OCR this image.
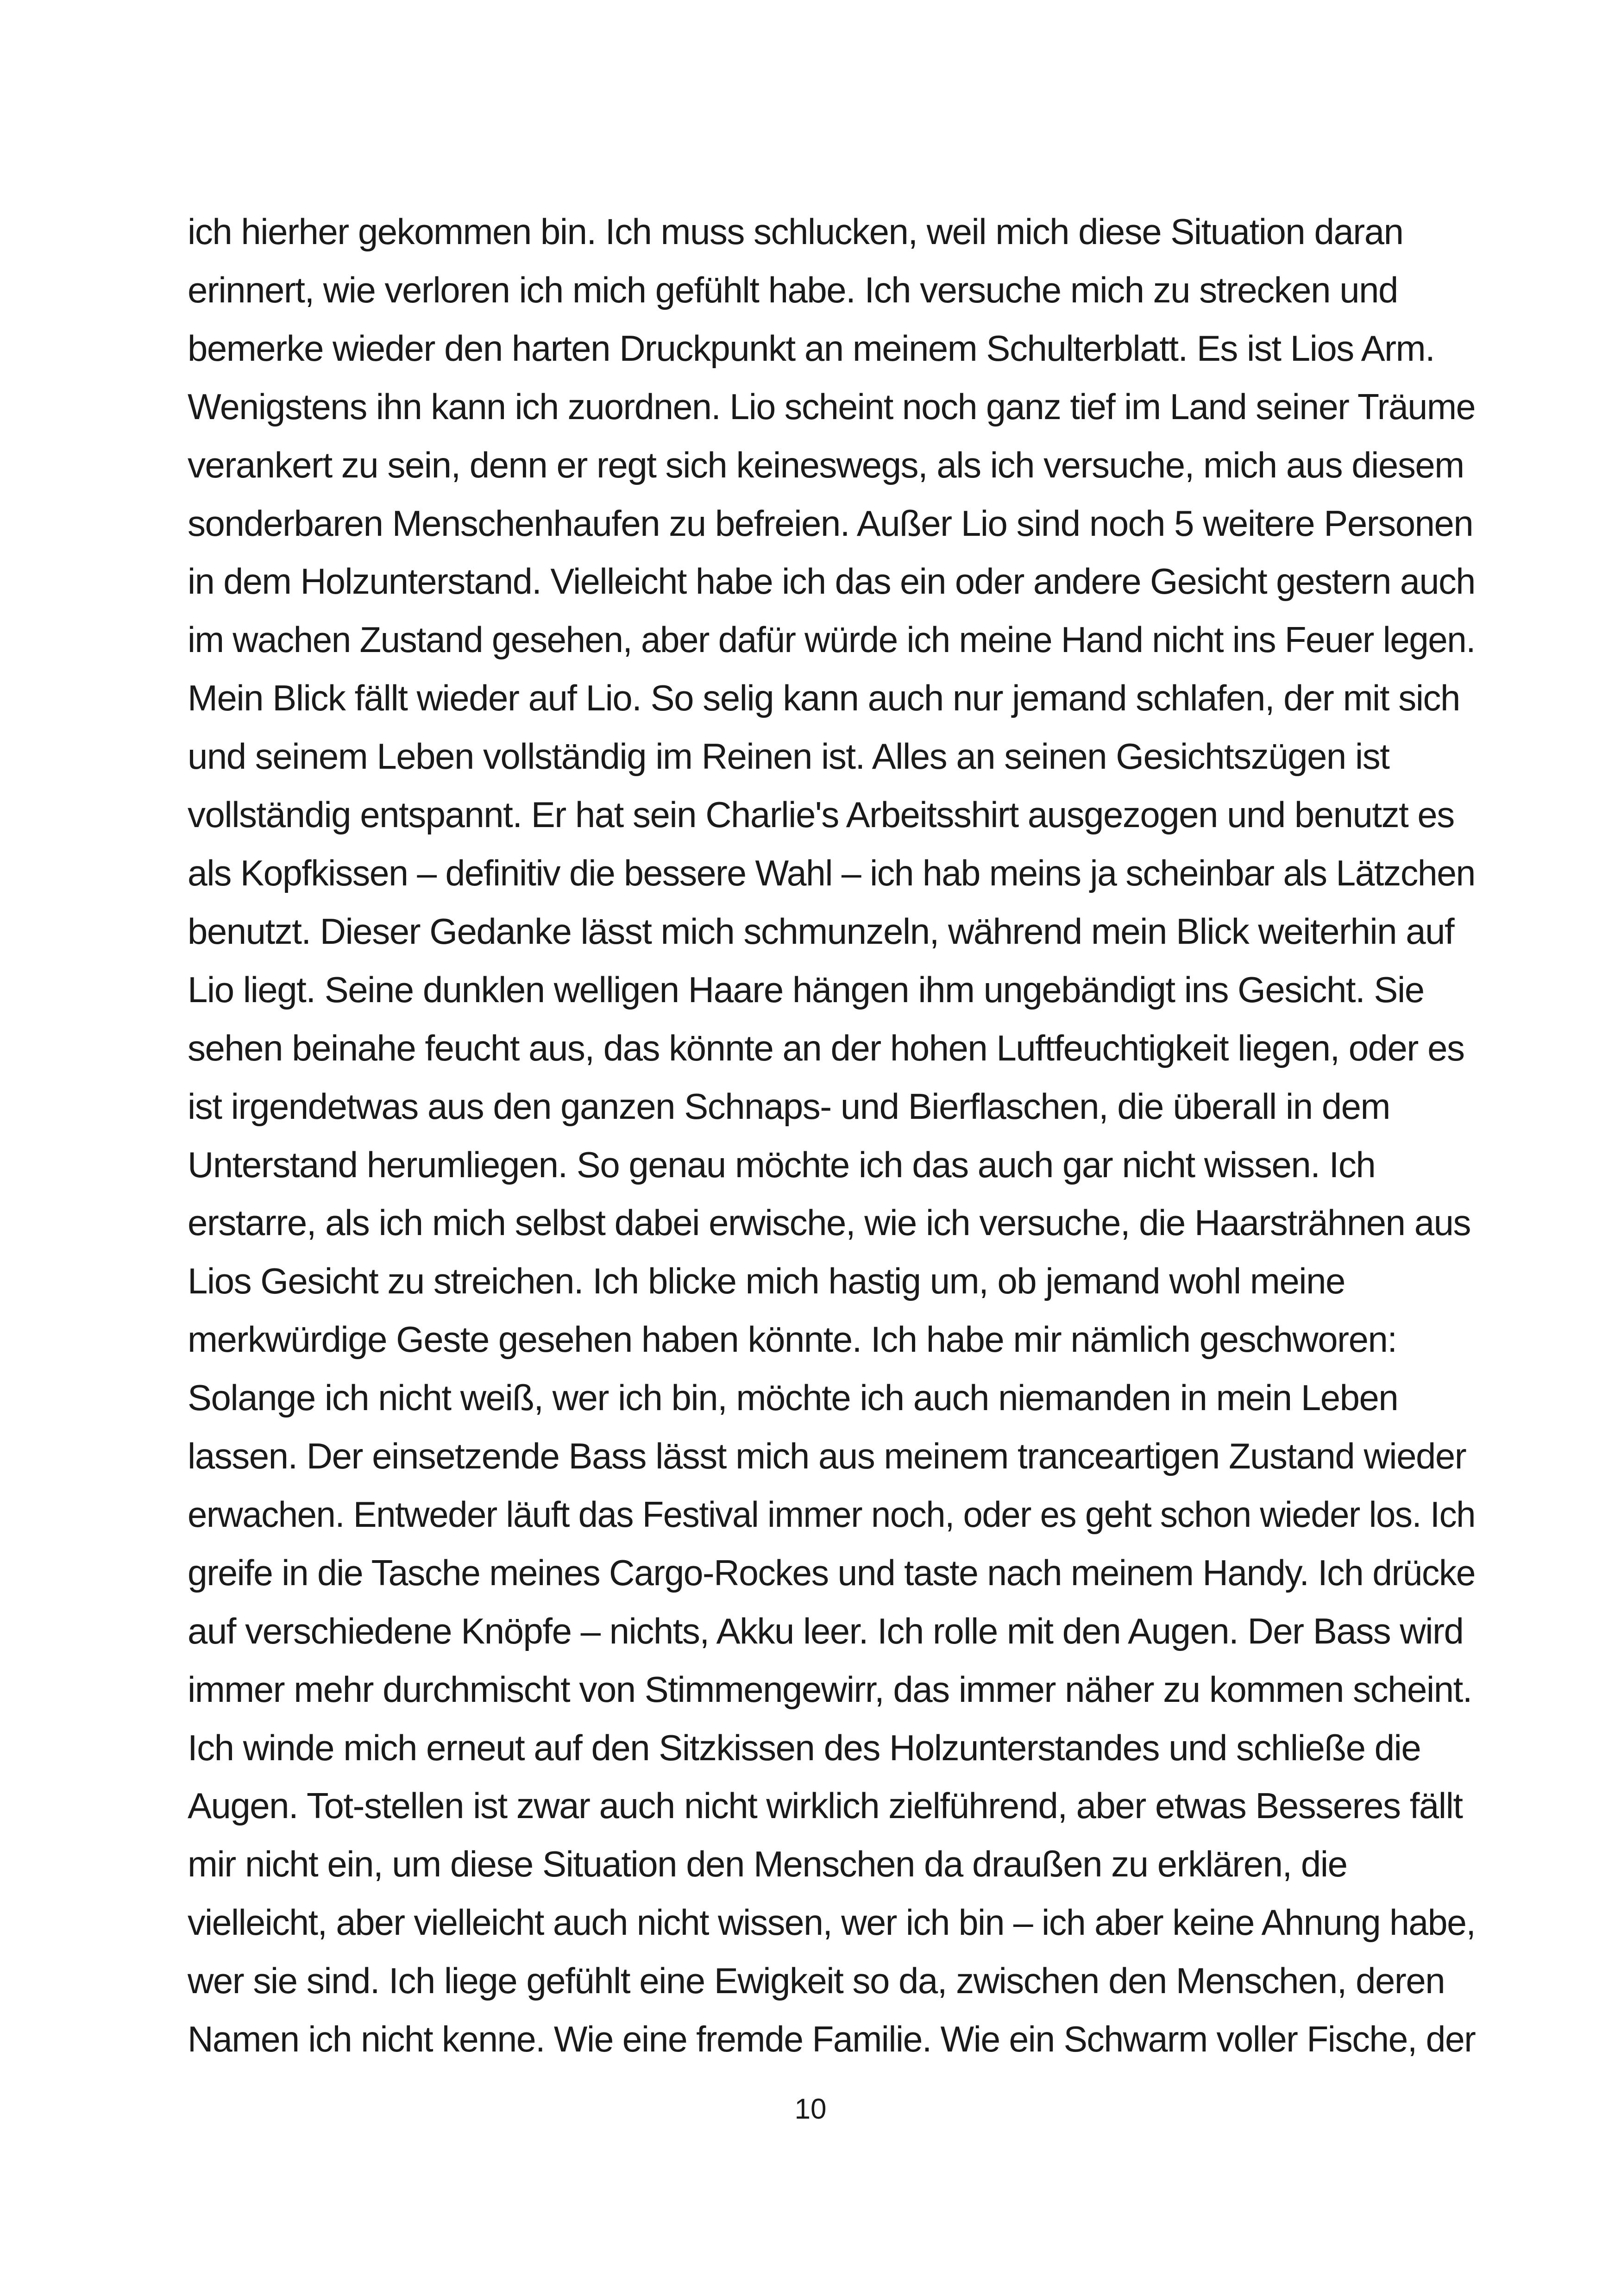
ich hierher gekommen bin. Ich muss schlucken, weil mich diese Situation daran
erinnert, wie verloren ich mich gefühlt habe. Ich versuche mich zu strecken und
bemerke wieder den harten Druckpunkt an meinem Schulterblatt. Es ist Lios Arm.
Wenigstens ihn kann ich zuordnen. Lio scheint noch ganz tief im Land seiner Träume
verankert zu sein, denn er regt sich keineswegs, als ich versuche, mich aus diesem
sonderbaren Menschenhaufen zu befreien. Außer Lio sind noch 5 weitere Personen
in dem Holzunterstand. Vielleicht habe ich das ein oder andere Gesicht gestern auch
im wachen Zustand gesehen, aber dafür würde ich meine Hand nicht ins Feuer legen.
Mein Blick fällt wieder auf Lio. So selig kann auch nur jemand schlafen, der mit sich
und seinem Leben vollständig im Reinen ist. Alles an seinen Gesichtszügen ist
vollständig entspannt. Er hat sein Charlie's Arbeitsshirt ausgezogen und benutzt es
als Kopfkissen – definitiv die bessere Wahl – ich hab meins ja scheinbar als Lätzchen
benutzt. Dieser Gedanke lässt mich schmunzeln, während mein Blick weiterhin auf
Lio liegt. Seine dunklen welligen Haare hängen ihm ungebändigt ins Gesicht. Sie
sehen beinahe feucht aus, das könnte an der hohen Luftfeuchtigkeit liegen, oder es
ist irgendetwas aus den ganzen Schnaps- und Bierflaschen, die überall in dem
Unterstand herumliegen. So genau möchte ich das auch gar nicht wissen. Ich
erstarre, als ich mich selbst dabei erwische, wie ich versuche, die Haarsträhnen aus
Lios Gesicht zu streichen. Ich blicke mich hastig um, ob jemand wohl meine
merkwürdige Geste gesehen haben könnte. Ich habe mir nämlich geschworen:
Solange ich nicht weiß, wer ich bin, möchte ich auch niemanden in mein Leben
lassen. Der einsetzende Bass lässt mich aus meinem tranceartigen Zustand wieder
erwachen. Entweder läuft das Festival immer noch, oder es geht schon wieder los. Ich
greife in die Tasche meines Cargo-Rockes und taste nach meinem Handy. Ich drücke
auf verschiedene Knöpfe – nichts, Akku leer. Ich rolle mit den Augen. Der Bass wird
immer mehr durchmischt von Stimmengewirr, das immer näher zu kommen scheint.
Ich winde mich erneut auf den Sitzkissen des Holzunterstandes und schließe die
Augen. Tot-stellen ist zwar auch nicht wirklich zielführend, aber etwas Besseres fällt
mir nicht ein, um diese Situation den Menschen da draußen zu erklären, die
vielleicht, aber vielleicht auch nicht wissen, wer ich bin – ich aber keine Ahnung habe,
wer sie sind. Ich liege gefühlt eine Ewigkeit so da, zwischen den Menschen, deren
Namen ich nicht kenne. Wie eine fremde Familie. Wie ein Schwarm voller Fische, der
10
